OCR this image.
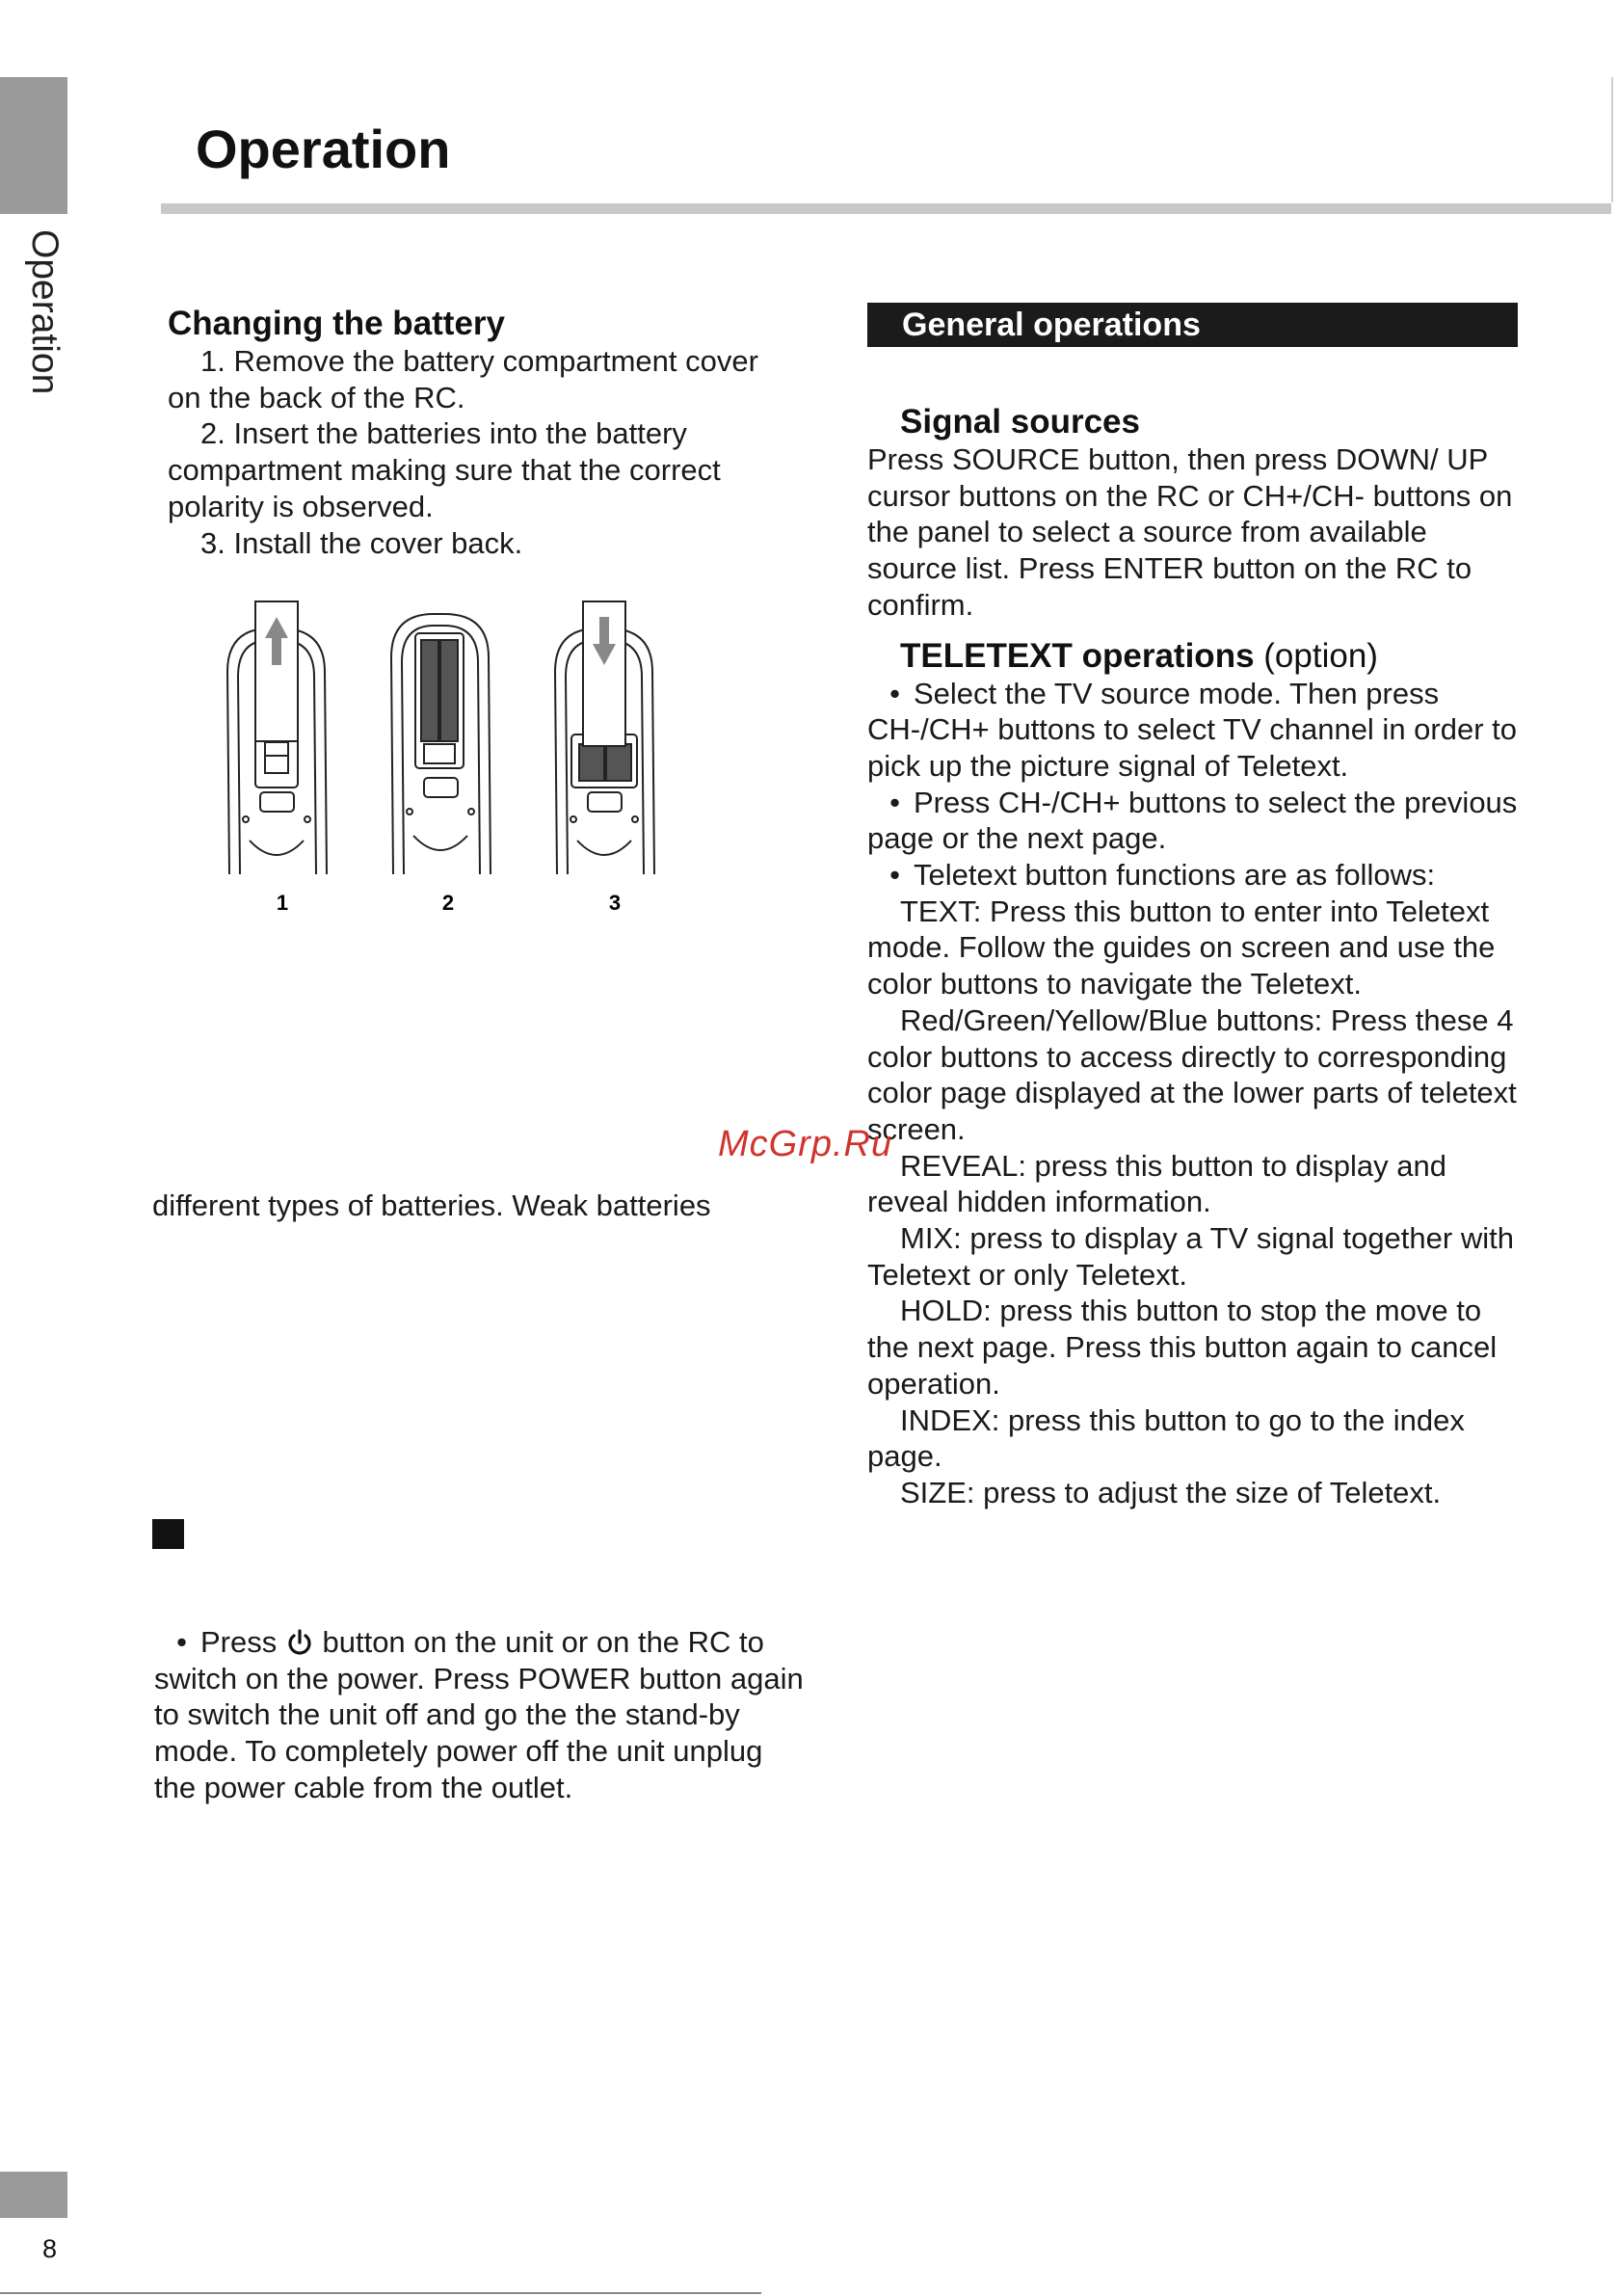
Operation
8
Operation
Changing the battery

1. Remove the battery compartment cover on the back of the RC.

2. Insert the batteries into the battery compartment making sure that the correct polarity is observed.

3. Install the cover back.

1	2	3
different types of batteries. Weak batteries
• Press  button on the unit or on the RC to switch on the power. Press POWER button again to switch the unit off and go the the stand-by mode. To completely power off the unit unplug the power cable from the outlet.
General operations
Signal sources

Press SOURCE button, then press DOWN/ UP cursor buttons on the RC or CH+/CH- buttons on the panel to select a source from available source list. Press ENTER button on the RC to confirm.

TELETEXT operations (option)

• Select the TV source mode. Then press CH-/CH+ buttons to select TV channel in order to pick up the picture signal of Teletext.

• Press CH-/CH+ buttons to select the previous page or the next page.

• Teletext button functions are as follows:

TEXT: Press this button to enter into Teletext mode. Follow the guides on screen and use the color buttons to navigate the Teletext.

Red/Green/Yellow/Blue buttons: Press these 4 color buttons to access directly to corresponding color page displayed at the lower parts of teletext screen.

REVEAL: press this button to display and reveal hidden information.

MIX: press to display a TV signal together with Teletext or only Teletext.

HOLD: press this button to stop the move to the next page. Press this button again to cancel operation.

INDEX: press this button to go to the index page.

SIZE: press to adjust the size of Teletext.

McGrp.Ru
